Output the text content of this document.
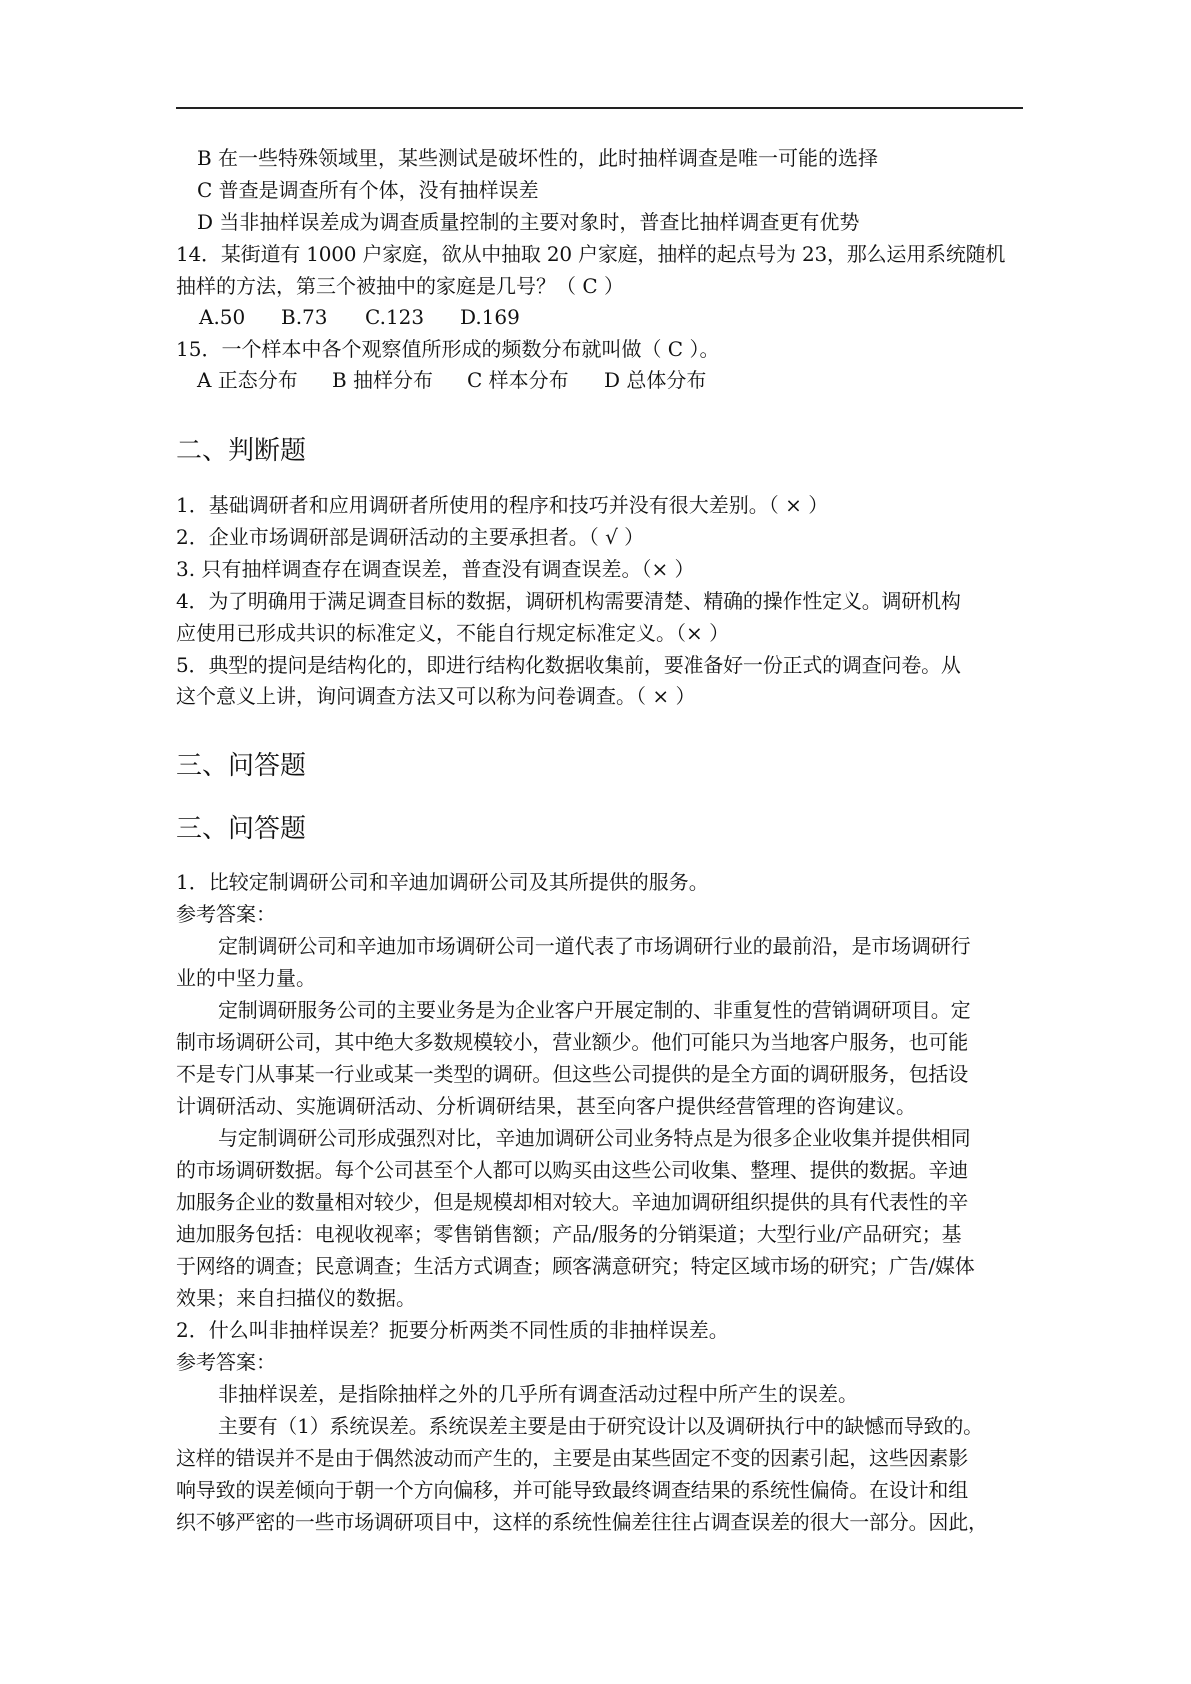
B 在一些特殊领域里，某些测试是破坏性的，此时抽样调查是唯一可能的选择
C 普查是调查所有个体，没有抽样误差
D 当非抽样误差成为调查质量控制的主要对象时，普查比抽样调查更有优势
14．某街道有 1000 户家庭，欲从中抽取 20 户家庭，抽样的起点号为 23，那么运用系统随机
抽样的方法，第三个被抽中的家庭是几号？（ C ）
A.50 B.73 C.123 D.169
15．一个样本中各个观察值所形成的频数分布就叫做（ C ）。
A 正态分布 B 抽样分布 C 样本分布 D 总体分布
二、判断题
1．基础调研者和应用调研者所使用的程序和技巧并没有很大差别。（ × ）
2．企业市场调研部是调研活动的主要承担者。（ √ ）
3. 只有抽样调查存在调查误差，普查没有调查误差。（× ）
4．为了明确用于满足调查目标的数据，调研机构需要清楚、精确的操作性定义。调研机构
应使用已形成共识的标准定义，不能自行规定标准定义。（× ）
5．典型的提问是结构化的，即进行结构化数据收集前，要准备好一份正式的调查问卷。从
这个意义上讲，询问调查方法又可以称为问卷调查。（ × ）
三、问答题
三、问答题
1．比较定制调研公司和辛迪加调研公司及其所提供的服务。
参考答案：
定制调研公司和辛迪加市场调研公司一道代表了市场调研行业的最前沿，是市场调研行
业的中坚力量。
定制调研服务公司的主要业务是为企业客户开展定制的、非重复性的营销调研项目。定
制市场调研公司，其中绝大多数规模较小，营业额少。他们可能只为当地客户服务，也可能
不是专门从事某一行业或某一类型的调研。但这些公司提供的是全方面的调研服务，包括设
计调研活动、实施调研活动、分析调研结果，甚至向客户提供经营管理的咨询建议。
与定制调研公司形成强烈对比，辛迪加调研公司业务特点是为很多企业收集并提供相同
的市场调研数据。每个公司甚至个人都可以购买由这些公司收集、整理、提供的数据。辛迪
加服务企业的数量相对较少，但是规模却相对较大。辛迪加调研组织提供的具有代表性的辛
迪加服务包括：电视收视率；零售销售额；产品/服务的分销渠道；大型行业/产品研究；基
于网络的调查；民意调查；生活方式调查；顾客满意研究；特定区域市场的研究；广告/媒体
效果；来自扫描仪的数据。
2．什么叫非抽样误差？扼要分析两类不同性质的非抽样误差。
参考答案：
非抽样误差，是指除抽样之外的几乎所有调查活动过程中所产生的误差。
主要有（1）系统误差。系统误差主要是由于研究设计以及调研执行中的缺憾而导致的。
这样的错误并不是由于偶然波动而产生的，主要是由某些固定不变的因素引起，这些因素影
响导致的误差倾向于朝一个方向偏移，并可能导致最终调查结果的系统性偏倚。在设计和组
织不够严密的一些市场调研项目中，这样的系统性偏差往往占调查误差的很大一部分。因此，
